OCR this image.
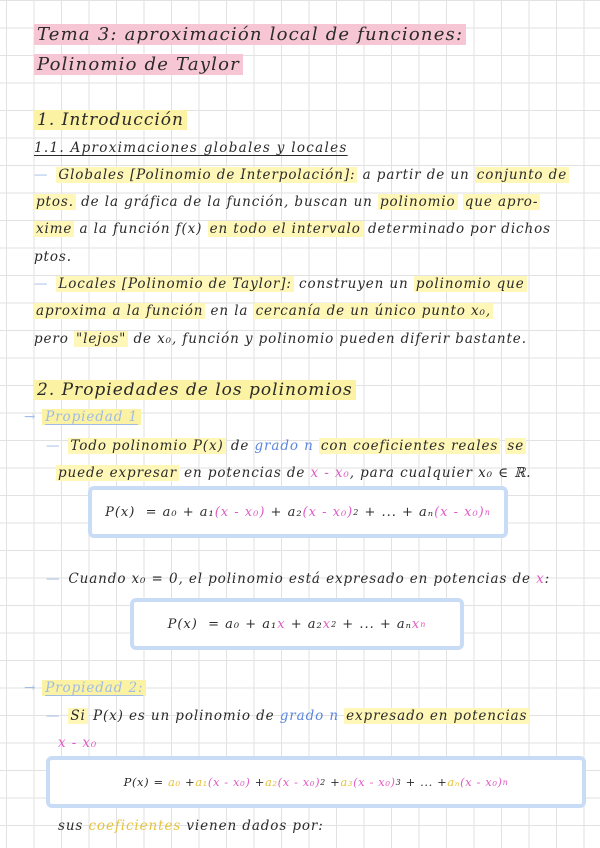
Tema 3: aproximación local de funciones:
Polinomio de Taylor
1. Introducción
1.1. Aproximaciones globales y locales
— Globales [Polinomio de Interpolación]: a partir de un conjunto de
ptos. de la gráfica de la función, buscan un polinomio que apro-
xime a la función f(x) en todo el intervalo determinado por dichos
ptos.
— Locales [Polinomio de Taylor]: construyen un polinomio que
aproxima a la función en la cercanía de un único punto x₀,
pero "lejos" de x₀, función y polinomio pueden diferir bastante.
2. Propiedades de los polinomios
→ Propiedad 1
— Todo polinomio P(x) de grado n con coeficientes reales se
puede expresar en potencias de x - x₀, para cualquier x₀ ∈ ℝ.
P(x)
=
a₀ + a₁ (x - x₀)
+ a₂ (x - x₀) 2
+ ... + aₙ (x - x₀) n
— Cuando x₀ = 0, el polinomio está expresado en potencias de x:
P(x)
=
a₀
+ a₁ x
+ a₂ x 2
+ ... +
aₙ x n
→ Propiedad 2:
— Si P(x) es un polinomio de grado n expresado en potencias
x - x₀
P(x)
=
a₀
+ a₁ (x - x₀)
+ a₂ (x - x₀) 2
+ a₃ (x - x₀) 3
+ ... + aₙ (x - x₀) n
sus coeficientes vienen dados por:
